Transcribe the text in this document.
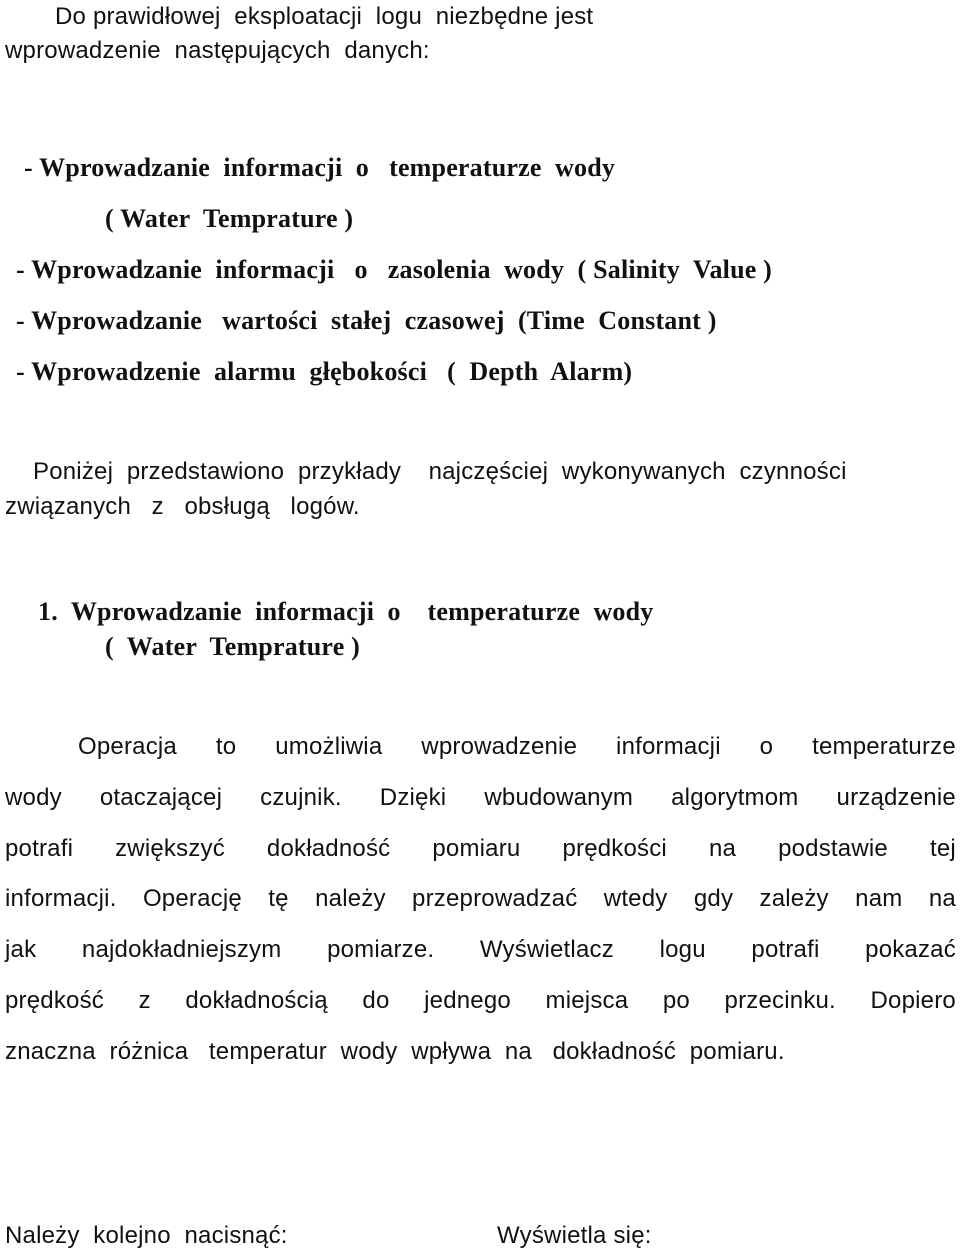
Do prawidłowej  eksploatacji  logu  niezbędne jest

wprowadzenie  następujących  danych:

- Wprowadzanie  informacji  o   temperaturze  wody

( Water  Temprature )

- Wprowadzanie  informacji   o   zasolenia  wody  ( Salinity  Value )

- Wprowadzanie   wartości  stałej  czasowej  (Time  Constant )

- Wprowadzenie  alarmu  głębokości   (  Depth  Alarm)

Poniżej  przedstawiono  przykłady    najczęściej  wykonywanych  czynności

związanych   z   obsługą   logów.

1.  Wprowadzanie  informacji  o    temperaturze  wody

(  Water  Temprature )

Operacja to umożliwia wprowadzenie informacji o temperaturze
wody otaczającej czujnik. Dzięki wbudowanym algorytmom urządzenie
potrafi zwiększyć dokładność pomiaru prędkości na podstawie tej
informacji. Operację tę należy przeprowadzać wtedy gdy zależy nam na
jak najdokładniejszym pomiarze. Wyświetlacz logu potrafi pokazać
prędkość z dokładnością do jednego miejsca po przecinku. Dopiero

znaczna  różnica   temperatur  wody  wpływa  na   dokładność  pomiaru.

Należy  kolejno  nacisnąć:	Wyświetla się:
